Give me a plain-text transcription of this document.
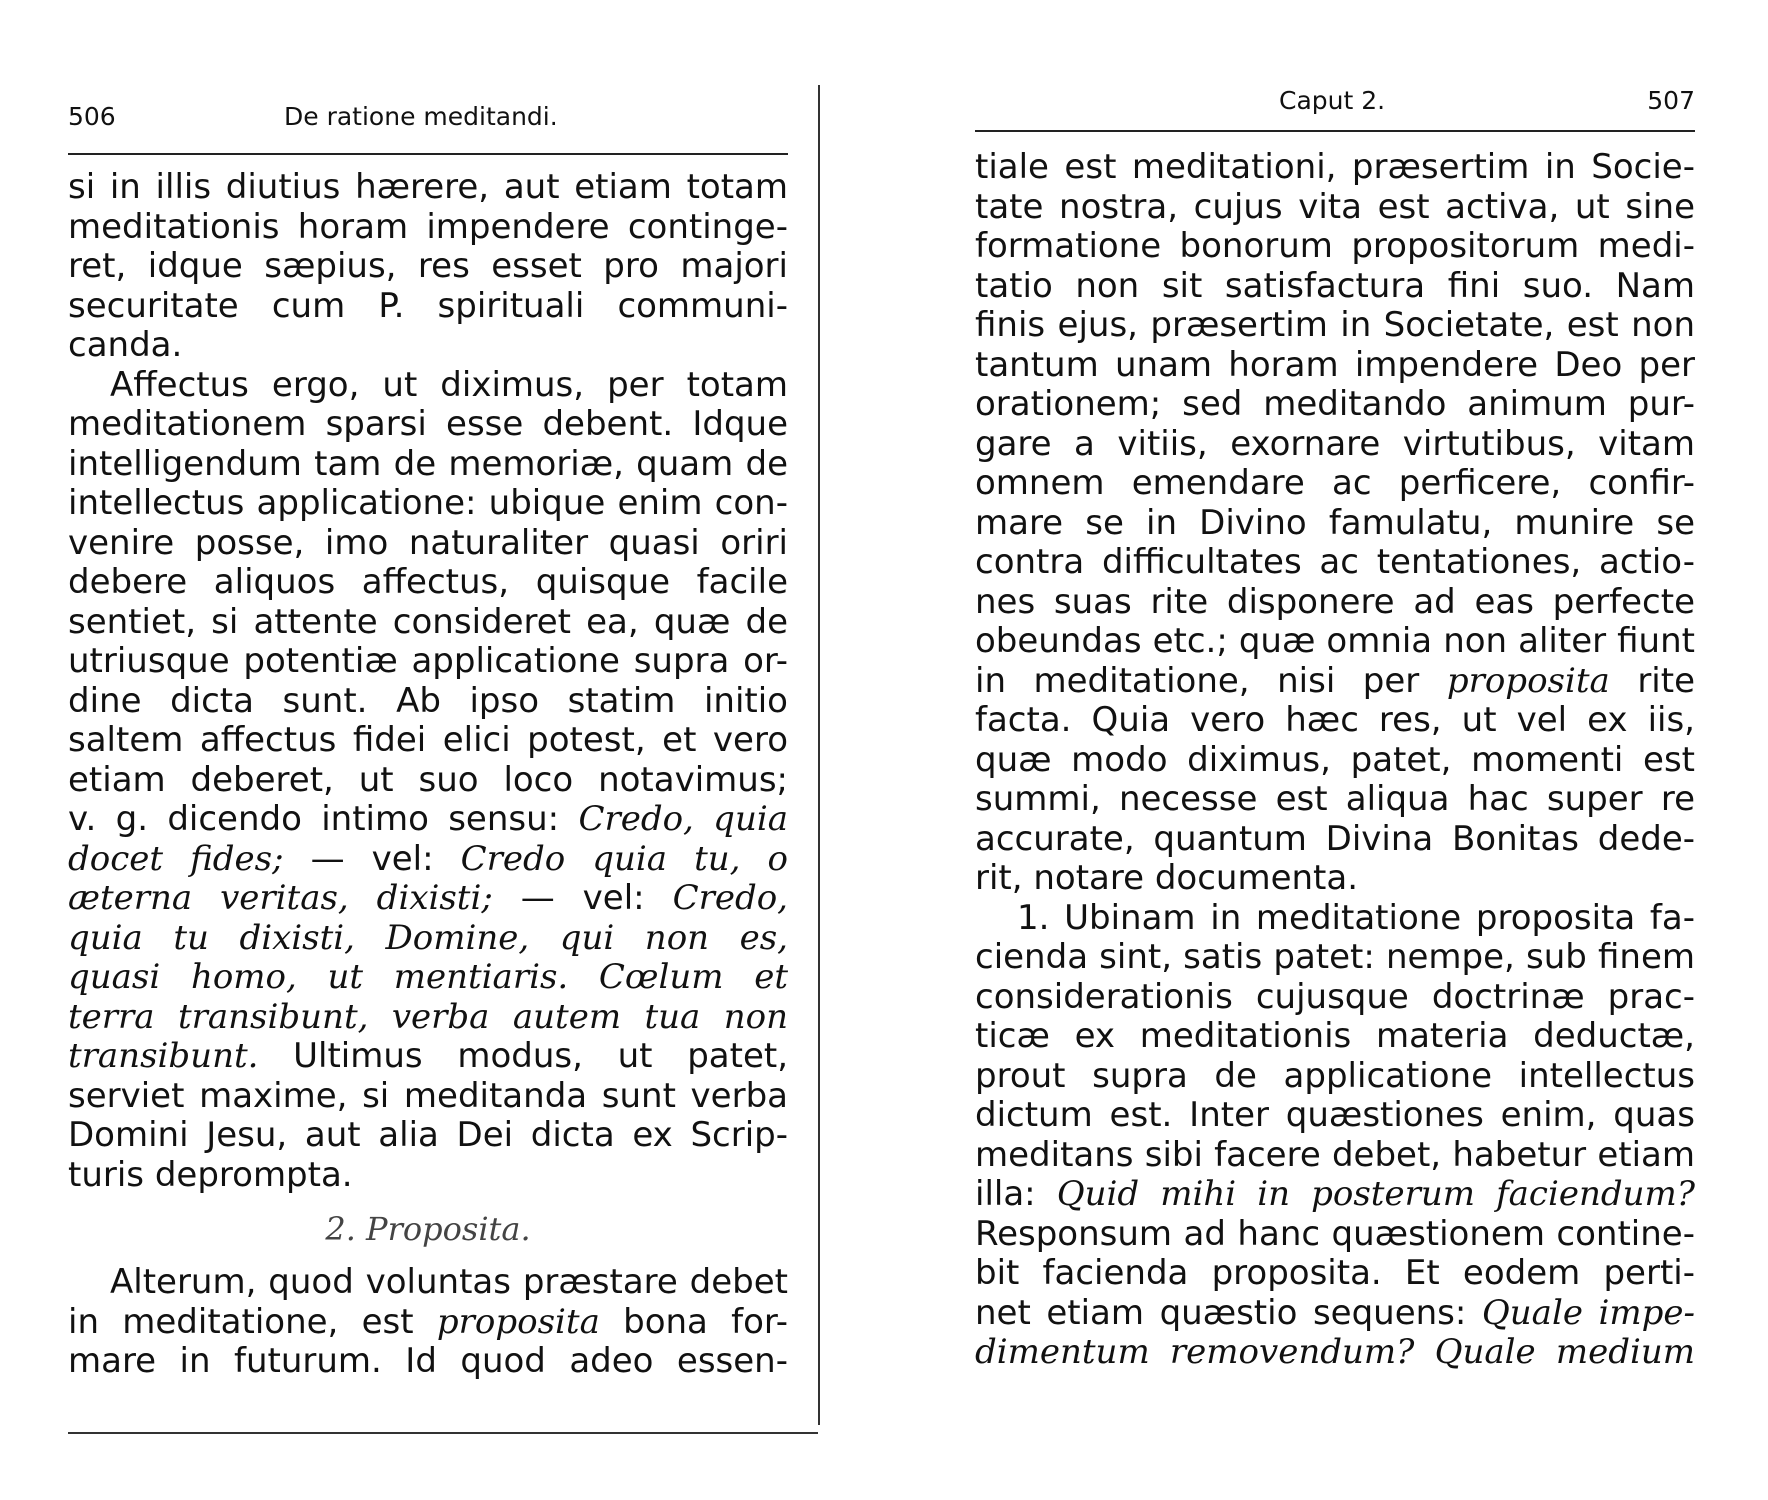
506	De ratione meditandi.
si in illis diutius hærere, aut etiam totam
meditationis horam impendere continge-
ret, idque sæpius, res esset pro majori
securitate cum P. spirituali communi-
canda.
Affectus ergo, ut diximus, per totam
meditationem sparsi esse debent. Idque
intelligendum tam de memoriæ, quam de
intellectus applicatione: ubique enim con-
venire posse, imo naturaliter quasi oriri
debere aliquos affectus, quisque facile
sentiet, si attente consideret ea, quæ de
utriusque potentiæ applicatione supra or-
dine dicta sunt. Ab ipso statim initio
saltem affectus fidei elici potest, et vero
etiam deberet, ut suo loco notavimus;
v. g. dicendo intimo sensu: Credo, quia
docet fides; — vel: Credo quia tu, o
æterna veritas, dixisti; — vel: Credo,
quia tu dixisti, Domine, qui non es,
quasi homo, ut mentiaris. Cœlum et
terra transibunt, verba autem tua non
transibunt. Ultimus modus, ut patet,
serviet maxime, si meditanda sunt verba
Domini Jesu, aut alia Dei dicta ex Scrip-
turis deprompta.
2. Proposita.
Alterum, quod voluntas præstare debet
in meditatione, est proposita bona for-
mare in futurum. Id quod adeo essen-
Caput 2.	507
tiale est meditationi, præsertim in Socie-
tate nostra, cujus vita est activa, ut sine
formatione bonorum propositorum medi-
tatio non sit satisfactura fini suo. Nam
finis ejus, præsertim in Societate, est non
tantum unam horam impendere Deo per
orationem; sed meditando animum pur-
gare a vitiis, exornare virtutibus, vitam
omnem emendare ac perficere, confir-
mare se in Divino famulatu, munire se
contra difficultates ac tentationes, actio-
nes suas rite disponere ad eas perfecte
obeundas etc.; quæ omnia non aliter fiunt
in meditatione, nisi per proposita rite
facta. Quia vero hæc res, ut vel ex iis,
quæ modo diximus, patet, momenti est
summi, necesse est aliqua hac super re
accurate, quantum Divina Bonitas dede-
rit, notare documenta.
1. Ubinam in meditatione proposita fa-
cienda sint, satis patet: nempe, sub finem
considerationis cujusque doctrinæ prac-
ticæ ex meditationis materia deductæ,
prout supra de applicatione intellectus
dictum est. Inter quæstiones enim, quas
meditans sibi facere debet, habetur etiam
illa: Quid mihi in posterum faciendum?
Responsum ad hanc quæstionem contine-
bit facienda proposita. Et eodem perti-
net etiam quæstio sequens: Quale impe-
dimentum removendum? Quale medium
